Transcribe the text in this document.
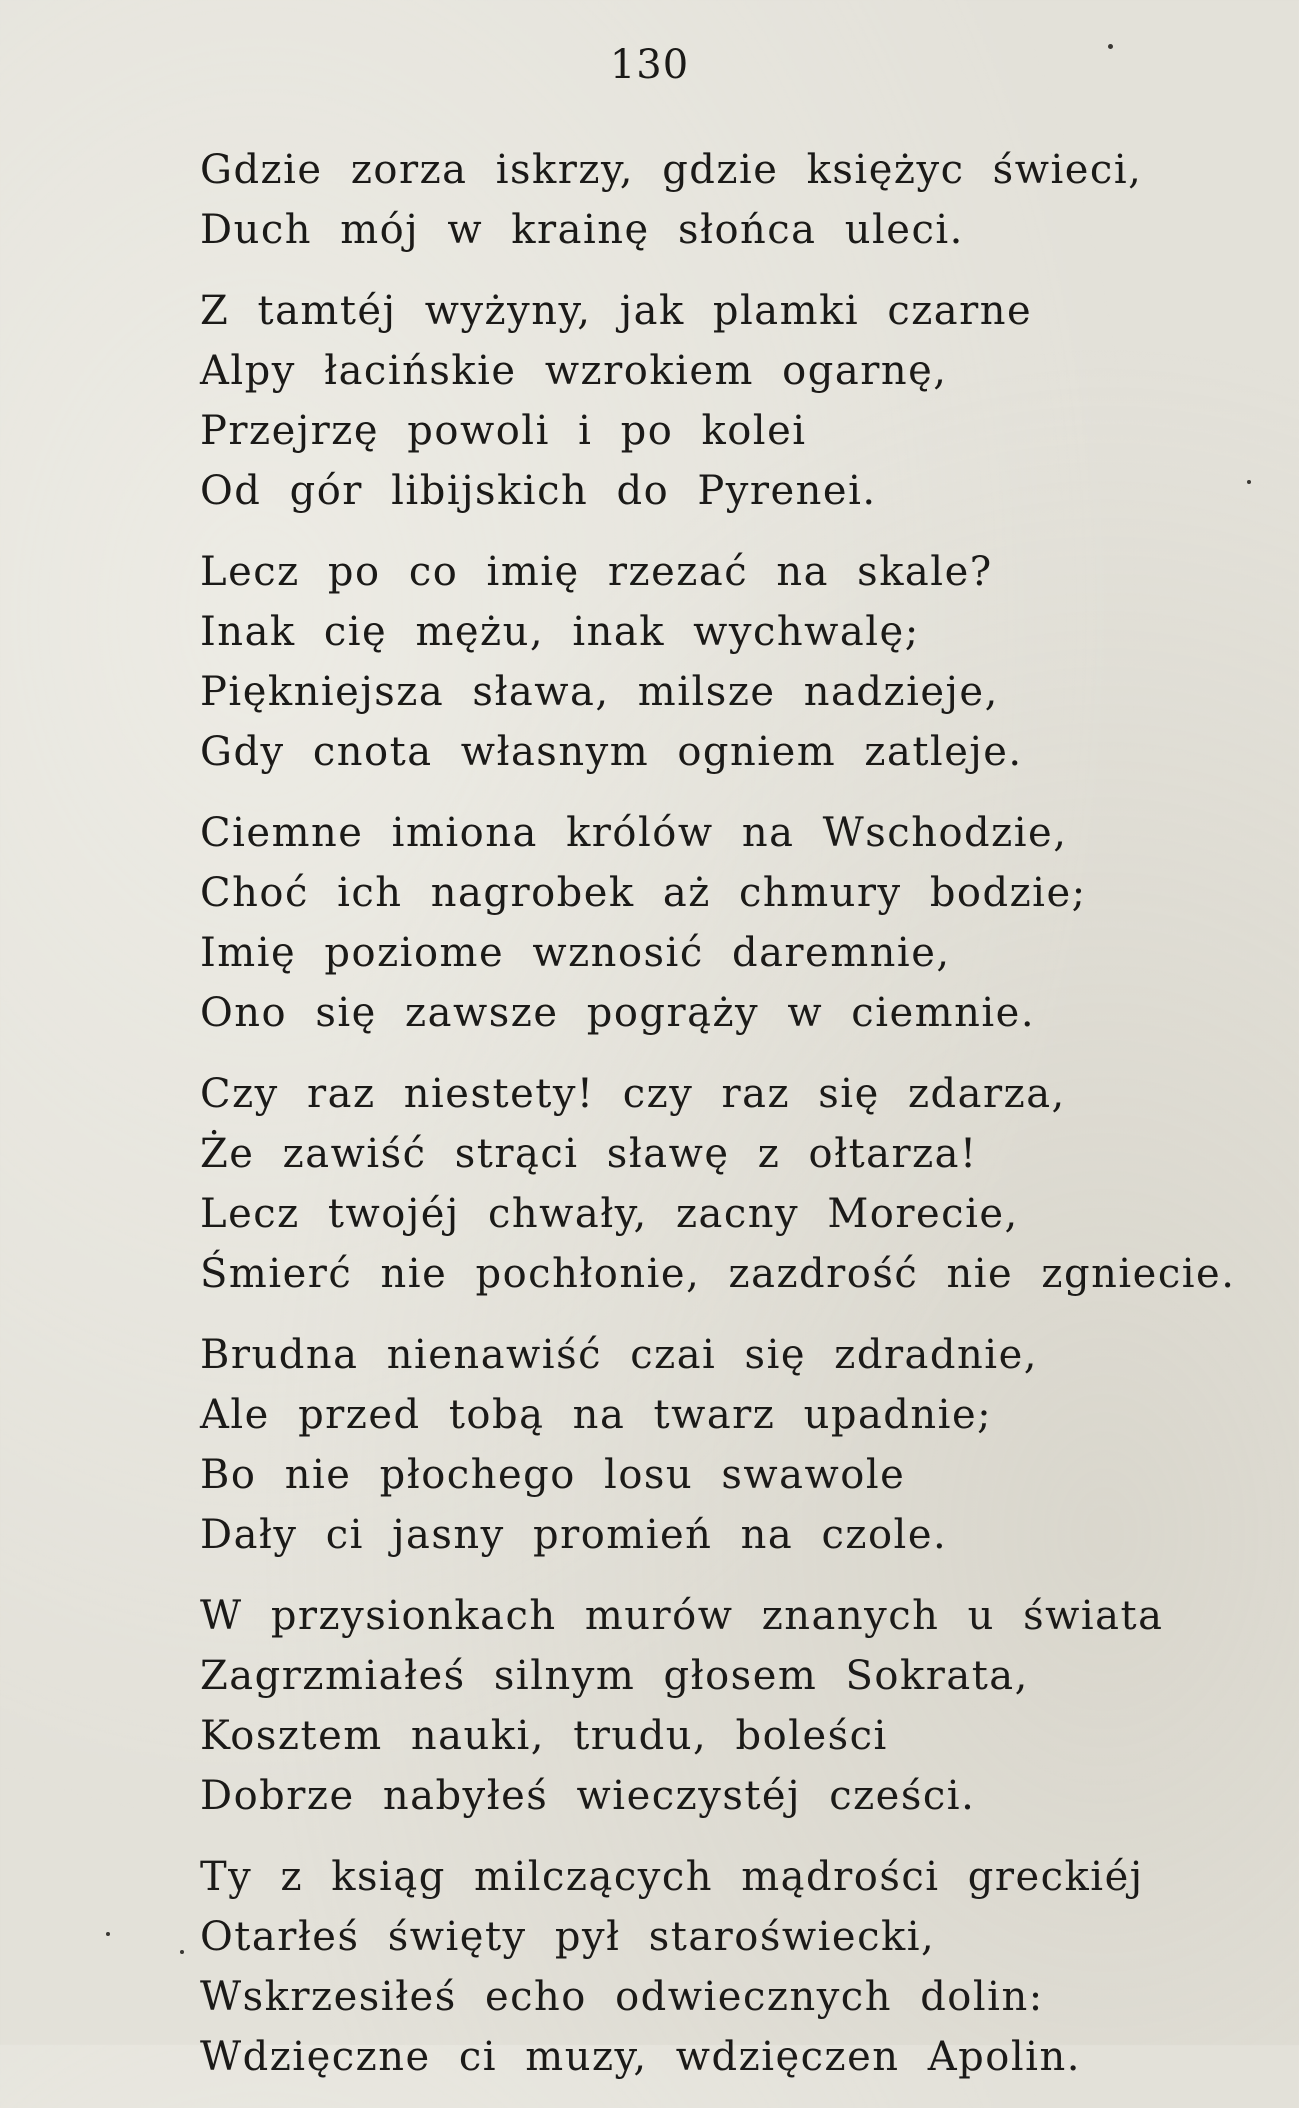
130
Gdzie zorza iskrzy, gdzie księżyc świeci,
Duch mój w krainę słońca uleci.
Z tamtéj wyżyny, jak plamki czarne
Alpy łacińskie wzrokiem ogarnę,
Przejrzę powoli i po kolei
Od gór libijskich do Pyrenei.
Lecz po co imię rzezać na skale?
Inak cię mężu, inak wychwalę;
Piękniejsza sława, milsze nadzieje,
Gdy cnota własnym ogniem zatleje.
Ciemne imiona królów na Wschodzie,
Choć ich nagrobek aż chmury bodzie;
Imię poziome wznosić daremnie,
Ono się zawsze pogrąży w ciemnie.
Czy raz niestety! czy raz się zdarza,
Że zawiść strąci sławę z ołtarza!
Lecz twojéj chwały, zacny Morecie,
Śmierć nie pochłonie, zazdrość nie zgniecie.
Brudna nienawiść czai się zdradnie,
Ale przed tobą na twarz upadnie;
Bo nie płochego losu swawole
Dały ci jasny promień na czole.
W przysionkach murów znanych u świata
Zagrzmiałeś silnym głosem Sokrata,
Kosztem nauki, trudu, boleści
Dobrze nabyłeś wieczystéj cześci.
Ty z ksiąg milczących mądrości greckiéj
Otarłeś święty pył staroświecki,
Wskrzesiłeś echo odwiecznych dolin:
Wdzięczne ci muzy, wdzięczen Apolin.
